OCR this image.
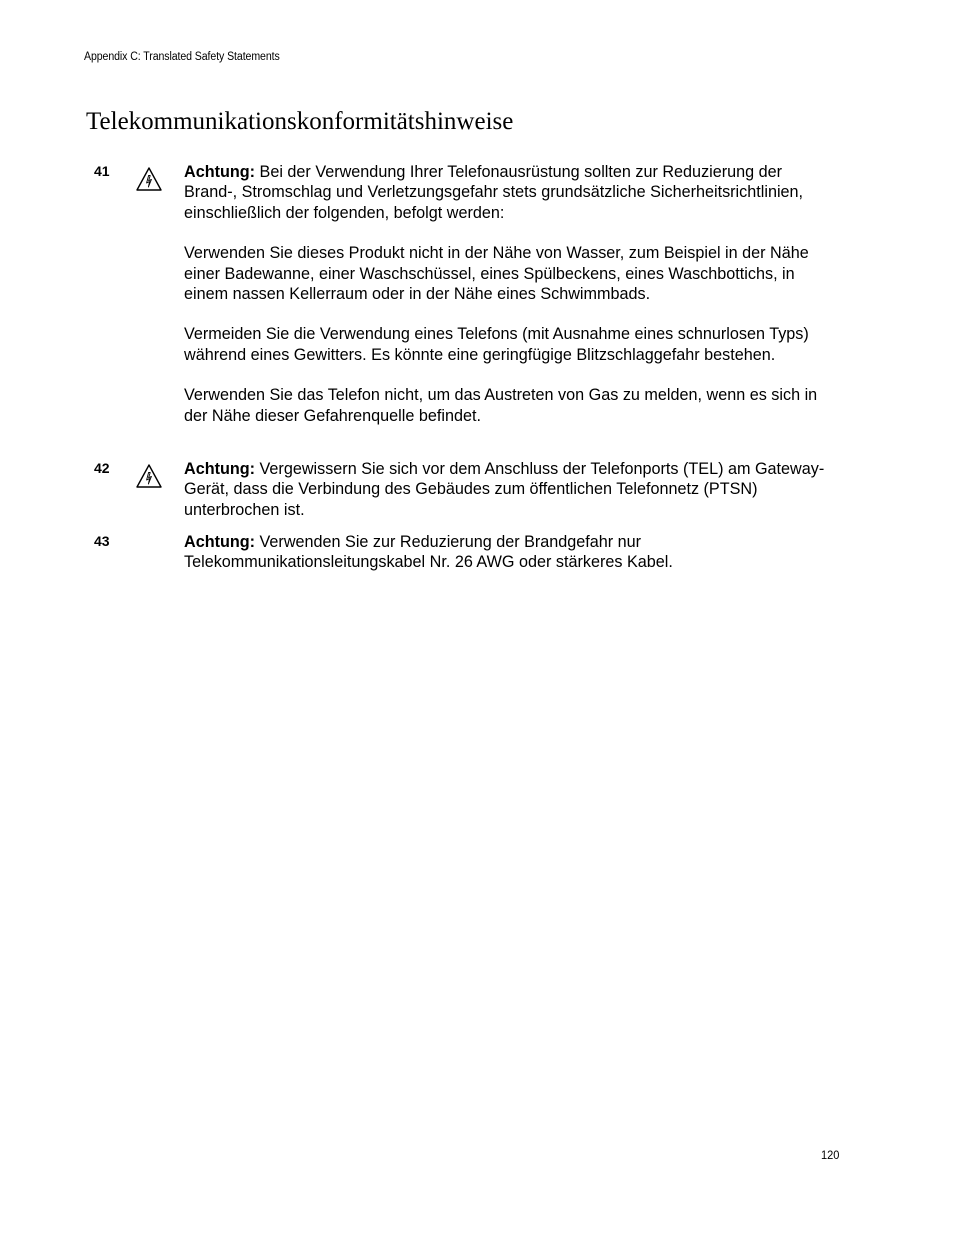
Appendix C: Translated Safety Statements
Telekommunikationskonformitätshinweise
41	Achtung: Bei der Verwendung Ihrer Telefonausrüstung sollten zur Reduzierung der Brand-, Stromschlag und Verletzungsgefahr stets grundsätzliche Sicherheitsrichtlinien, einschließlich der folgenden, befolgt werden:

Verwenden Sie dieses Produkt nicht in der Nähe von Wasser, zum Beispiel in der Nähe einer Badewanne, einer Waschschüssel, eines Spülbeckens, eines Waschbottichs, in einem nassen Kellerraum oder in der Nähe eines Schwimmbads.

Vermeiden Sie die Verwendung eines Telefons (mit Ausnahme eines schnurlosen Typs) während eines Gewitters. Es könnte eine geringfügige Blitzschlaggefahr bestehen.

Verwenden Sie das Telefon nicht, um das Austreten von Gas zu melden, wenn es sich in der Nähe dieser Gefahrenquelle befindet.

42	Achtung: Vergewissern Sie sich vor dem Anschluss der Telefonports (TEL) am Gateway-Gerät, dass die Verbindung des Gebäudes zum öffentlichen Telefonnetz (PTSN) unterbrochen ist.

43	Achtung: Verwenden Sie zur Reduzierung der Brandgefahr nur Telekommunikationsleitungskabel Nr. 26 AWG oder stärkeres Kabel.

120
